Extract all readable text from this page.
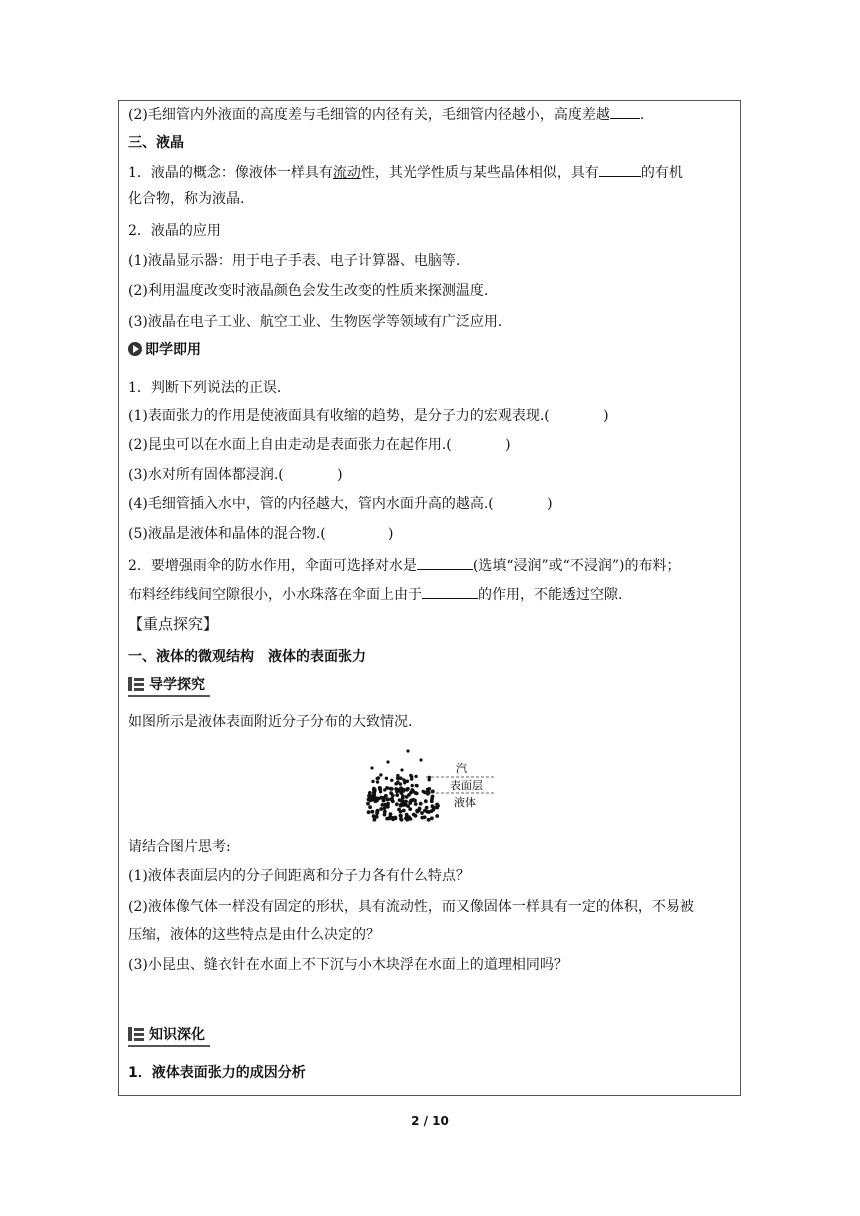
(2)毛细管内外液面的高度差与毛细管的内径有关，毛细管内径越小，高度差越 .
三、液晶
1．液晶的概念：像液体一样具有流动性，其光学性质与某些晶体相似，具有	的有机
化合物，称为液晶.
2．液晶的应用
(1)液晶显示器：用于电子手表、电子计算器、电脑等.
(2)利用温度改变时液晶颜色会发生改变的性质来探测温度.
(3)液晶在电子工业、航空工业、生物医学等领域有广泛应用.
即学即用
1．判断下列说法的正误.
(1)表面张力的作用是使液面具有收缩的趋势，是分子力的宏观表现.(            )
(2)昆虫可以在水面上自由走动是表面张力在起作用.(            )
(3)水对所有固体都浸润.(            )
(4)毛细管插入水中，管的内径越大，管内水面升高的越高.(            )
(5)液晶是液体和晶体的混合物.(              )
2．要增强雨伞的防水作用，伞面可选择对水是	(选填“浸润”或“不浸润”)的布料；
布料经纬线间空隙很小，小水珠落在伞面上由于	的作用，不能透过空隙.
【重点探究】
一、液体的微观结构　液体的表面张力
导学探究
如图所示是液体表面附近分子分布的大致情况.
汽
表面层
液体
请结合图片思考:
(1)液体表面层内的分子间距离和分子力各有什么特点？
(2)液体像气体一样没有固定的形状，具有流动性，而又像固体一样具有一定的体积，不易被
压缩，液体的这些特点是由什么决定的？
(3)小昆虫、缝衣针在水面上不下沉与小木块浮在水面上的道理相同吗？
知识深化
1．液体表面张力的成因分析
2 / 10
